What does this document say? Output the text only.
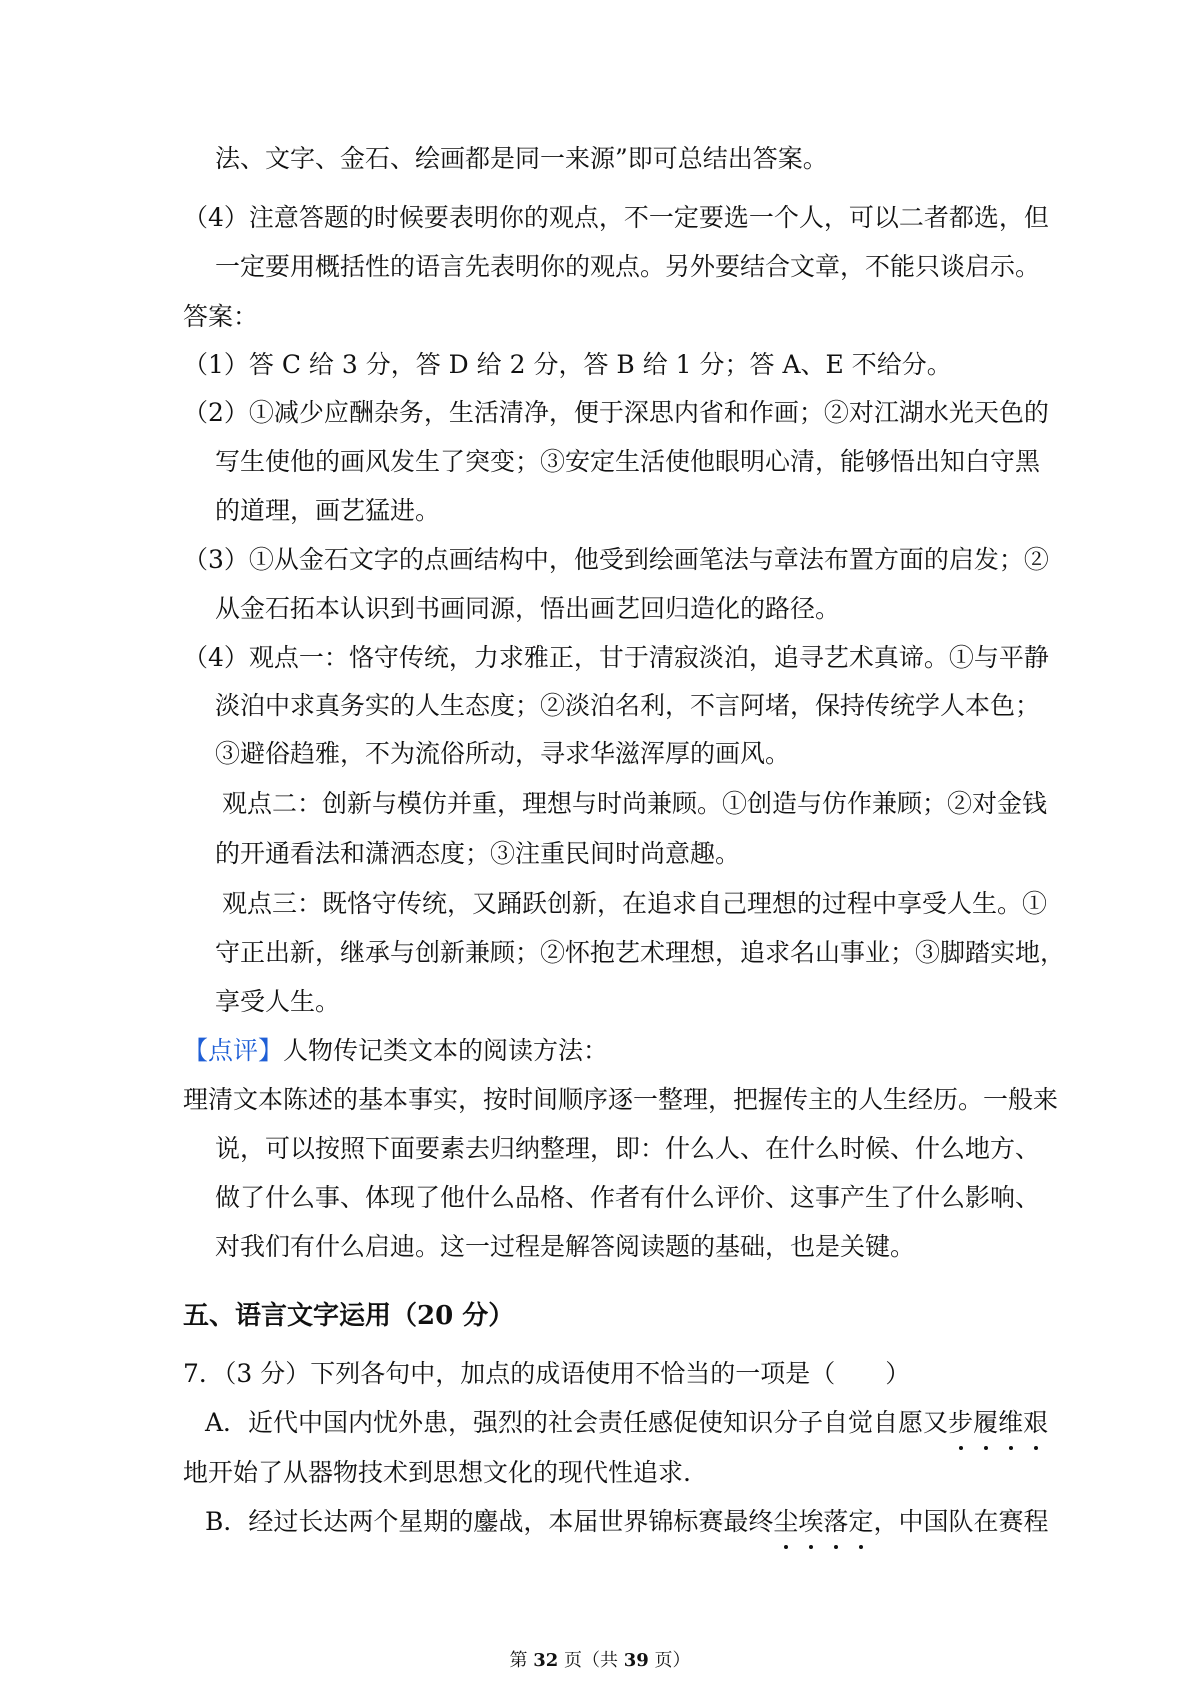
法、文字、金石、绘画都是同一来源”即可总结出答案。
（4）注意答题的时候要表明你的观点，不一定要选一个人，可以二者都选，但
一定要用概括性的语言先表明你的观点。另外要结合文章，不能只谈启示。
答案：
（1）答 C 给 3 分，答 D 给 2 分，答 B 给 1 分；答 A、E 不给分。
（2）①减少应酬杂务，生活清净，便于深思内省和作画；②对江湖水光天色的
写生使他的画风发生了突变；③安定生活使他眼明心清，能够悟出知白守黑
的道理，画艺猛进。
（3）①从金石文字的点画结构中，他受到绘画笔法与章法布置方面的启发；②
从金石拓本认识到书画同源，悟出画艺回归造化的路径。
（4）观点一：恪守传统，力求雅正，甘于清寂淡泊，追寻艺术真谛。①与平静
淡泊中求真务实的人生态度；②淡泊名利，不言阿堵，保持传统学人本色；
③避俗趋雅，不为流俗所动，寻求华滋浑厚的画风。
观点二：创新与模仿并重，理想与时尚兼顾。①创造与仿作兼顾；②对金钱
的开通看法和潇洒态度；③注重民间时尚意趣。
观点三：既恪守传统，又踊跃创新，在追求自己理想的过程中享受人生。①
守正出新，继承与创新兼顾；②怀抱艺术理想，追求名山事业；③脚踏实地，
享受人生。
理清文本陈述的基本事实，按时间顺序逐一整理，把握传主的人生经历。一般来
说，可以按照下面要素去归纳整理，即：什么人、在什么时候、什么地方、
做了什么事、体现了他什么品格、作者有什么评价、这事产生了什么影响、
对我们有什么启迪。这一过程是解答阅读题的基础，也是关键。
7．（3 分）下列各句中，加点的成语使用不恰当的一项是（　　）
地开始了从器物技术到思想文化的现代性追求.
【点评】人物传记类文本的阅读方法：
五、语言文字运用（20 分）
A．近代中国内忧外患，强烈的社会责任感促使知识分子自觉自愿又步履维艰
B．经过长达两个星期的鏖战，本届世界锦标赛最终尘埃落定，中国队在赛程
第 32 页（共 39 页）
